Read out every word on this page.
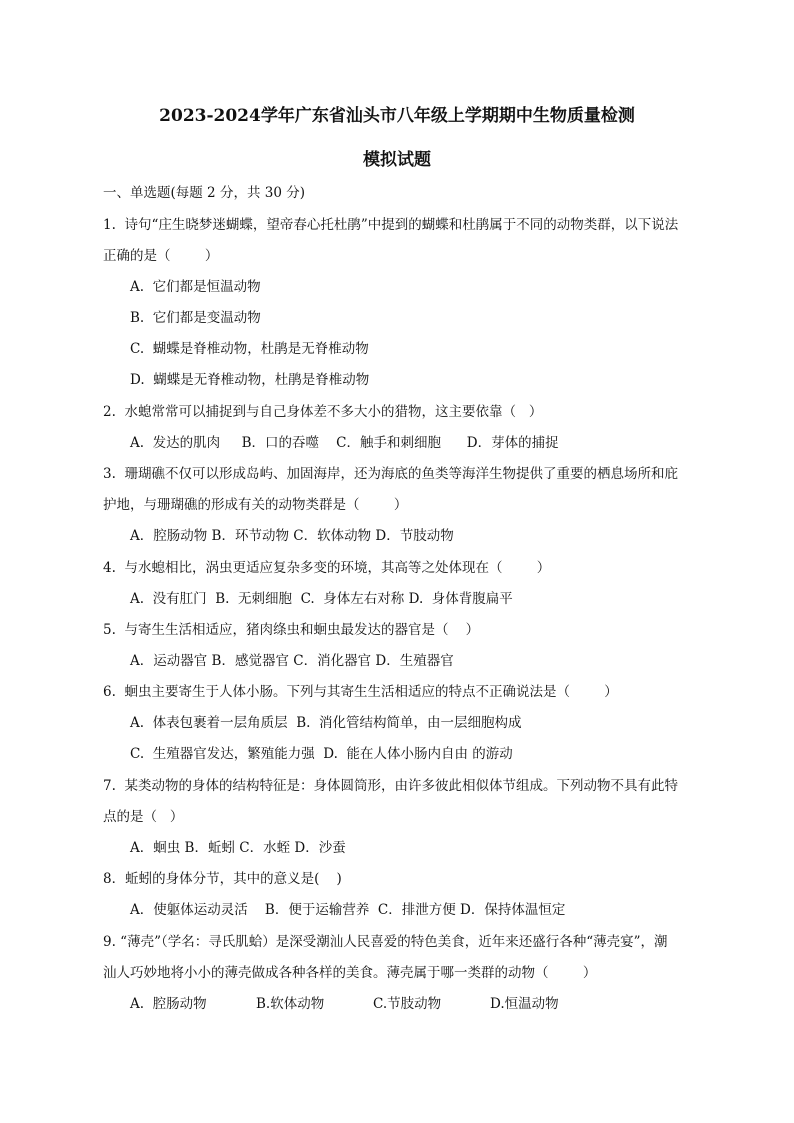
2023-2024学年广东省汕头市八年级上学期期中生物质量检测
模拟试题
一、单选题(每题 2 分，共 30 分)
1.  诗句“庄生晓梦迷蝴蝶，望帝春心托杜鹃”中提到的蝴蝶和杜鹃属于不同的动物类群，以下说法
正确的是（        ）
A.  它们都是恒温动物
B.  它们都是变温动物
C.  蝴蝶是脊椎动物，杜鹃是无脊椎动物
D.  蝴蝶是无脊椎动物，杜鹃是脊椎动物
2.  水螅常常可以捕捉到与自己身体差不多大小的猎物，这主要依靠（   ）
A.  发达的肌肉     B．口的吞噬    C．触手和刺细胞      D．芽体的捕捉
3.  珊瑚礁不仅可以形成岛屿、加固海岸，还为海底的鱼类等海洋生物提供了重要的栖息场所和庇
护地，与珊瑚礁的形成有关的动物类群是（        ）
A．腔肠动物 B．环节动物 C．软体动物 D．节肢动物
4.  与水螅相比，涡虫更适应复杂多变的环境，其高等之处体现在（        ）
A.  没有肛门  B.  无刺细胞  C.  身体左右对称 D.  身体背腹扁平
5.  与寄生生活相适应，猪肉绦虫和蛔虫最发达的器官是（    ）
A．运动器官 B．感觉器官 C．消化器官 D．生殖器官
6.  蛔虫主要寄生于人体小肠。下列与其寄生生活相适应的特点不正确说法是（        ）
A.  体表包裹着一层角质层  B.  消化管结构简单，由一层细胞构成
C.  生殖器官发达，繁殖能力强  D.  能在人体小肠内自由 的游动
7.  某类动物的身体的结构特征是：身体圆筒形，由许多彼此相似体节组成。下列动物不具有此特
点的是（   ）
A．蛔虫 B．蚯蚓 C．水蛭 D．沙蚕
8．蚯蚓的身体分节，其中的意义是(    )
A．使躯体运动灵活    B．便于运输营养  C．排泄方便 D．保持体温恒定
9. “薄壳”（学名：寻氏肌蛤）是深受潮汕人民喜爱的特色美食，近年来还盛行各种“薄壳宴”，潮
汕人巧妙地将小小的薄壳做成各种各样的美食。薄壳属于哪一类群的动物（        ）
A.  腔肠动物	B.软体动物	C.节肢动物	D.恒温动物
